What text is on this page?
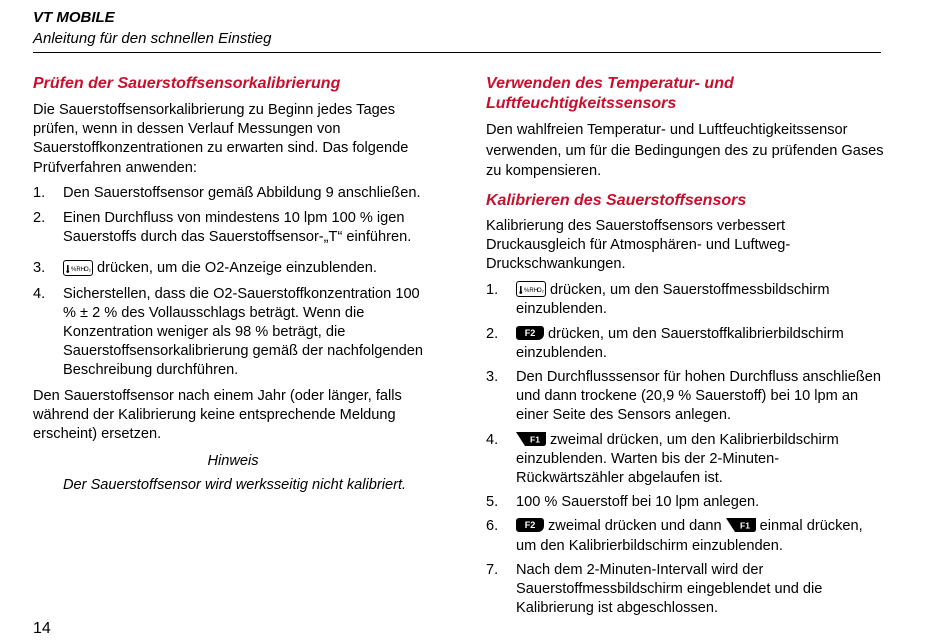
VT MOBILE
Anleitung für den schnellen Einstieg
Prüfen der Sauerstoffsensorkalibrierung

Die Sauerstoffsensorkalibrierung zu Beginn jedes Tages prüfen, wenn in dessen Verlauf Messungen von Sauerstoffkonzentrationen zu erwarten sind. Das folgende Prüfverfahren anwenden:

1. Den Sauerstoffsensor gemäß Abbildung 9 anschließen.
2. Einen Durchfluss von mindestens 10 lpm 100 % igen Sauerstoffs durch das Sauerstoffsensor-„T“ einführen.
3.	%RH
O₂ drücken, um die O2-Anzeige einzublenden.
4. Sicherstellen, dass die O2-Sauerstoffkonzentration 100 % ± 2 % des Vollausschlags beträgt. Wenn die Konzentration weniger als 98 % beträgt, die Sauerstoffsensorkalibrierung gemäß der nachfolgenden Beschreibung durchführen.

Den Sauerstoffsensor nach einem Jahr (oder länger, falls während der Kalibrierung keine entsprechende Meldung erscheint) ersetzen.

Hinweis
Der Sauerstoffsensor wird werksseitig nicht kalibriert.
Verwenden des Temperatur- und Luftfeuchtigkeitssensors

Den wahlfreien Temperatur- und Luftfeuchtigkeitssensor verwenden, um für die Bedingungen des zu prüfenden Gases zu kompensieren.

Kalibrieren des Sauerstoffsensors

Kalibrierung des Sauerstoffsensors verbessert Druckausgleich für Atmosphären- und Luftweg-Druckschwankungen.

1.	%RH
O₂ drücken, um den Sauerstoffmessbildschirm einzublenden.
2.	F2 drücken, um den Sauerstoffkalibrierbildschirm einzublenden.
3. Den Durchflusssensor für hohen Durchfluss anschließen und dann trockene (20,9 % Sauerstoff) bei 10 lpm an einer Seite des Sensors anlegen.
4.	F1 zweimal drücken, um den Kalibrierbildschirm einzublenden. Warten bis der 2-Minuten-Rückwärtszähler abgelaufen ist.
5. 100 % Sauerstoff bei 10 lpm anlegen.
6.	F2 zweimal drücken und dann F1 einmal drücken, um den Kalibrierbildschirm einzublenden.
7. Nach dem 2-Minuten-Intervall wird der Sauerstoffmessbildschirm eingeblendet und die Kalibrierung ist abgeschlossen.
14
